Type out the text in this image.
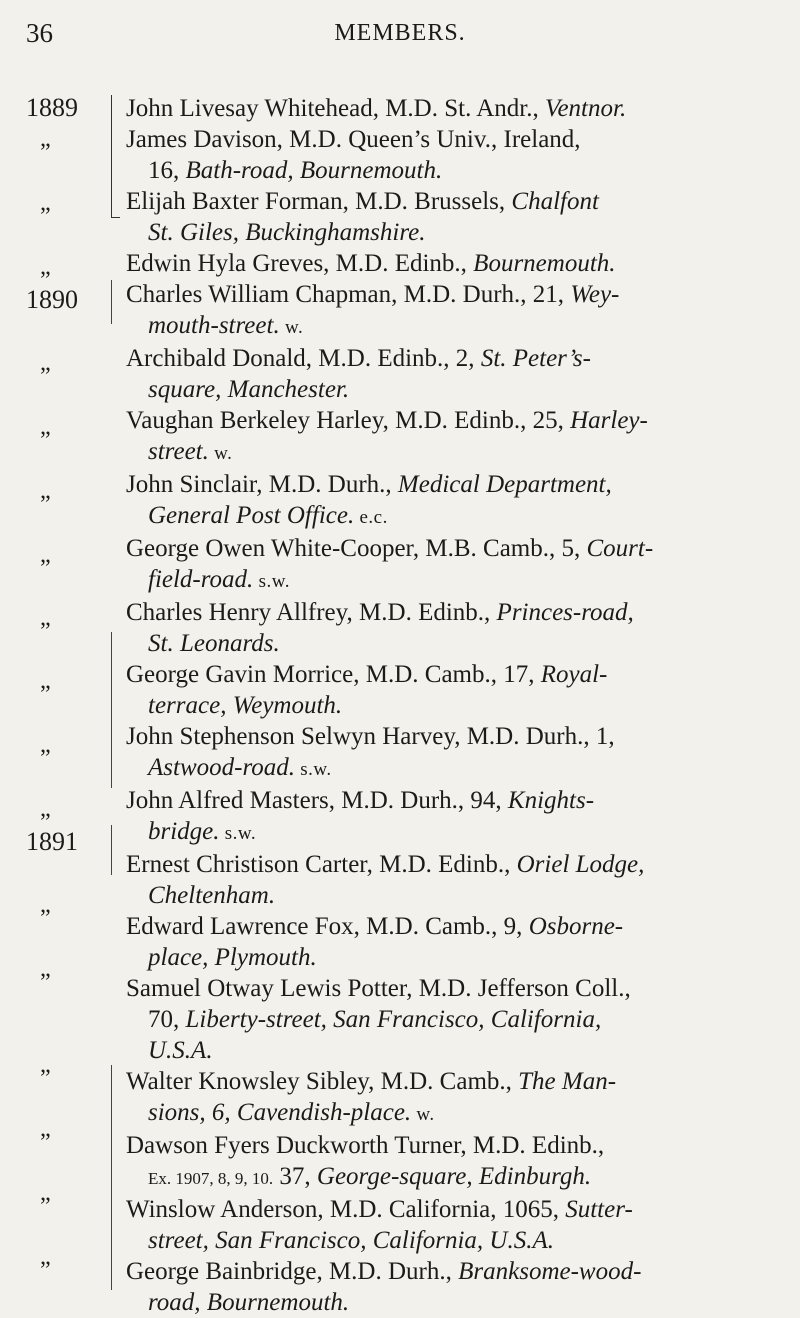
36	MEMBERS.
1889
„
„
„
1890
„
„
„
„
„
„
„
„
1891
„
„
„
„
„
„
John Livesay Whitehead, M.D. St. Andr., Ventnor.
James Davison, M.D. Queen’s Univ., Ireland,
16, Bath-road, Bournemouth.
Elijah Baxter Forman, M.D. Brussels, Chalfont
St. Giles, Buckinghamshire.
Edwin Hyla Greves, M.D. Edinb., Bournemouth.
Charles William Chapman, M.D. Durh., 21, Wey-
mouth-street. w.
Archibald Donald, M.D. Edinb., 2, St. Peter’s-
square, Manchester.
Vaughan Berkeley Harley, M.D. Edinb., 25, Harley-
street. w.
John Sinclair, M.D. Durh., Medical Department,
General Post Office. e.c.
George Owen White-Cooper, M.B. Camb., 5, Court-
field-road. s.w.
Charles Henry Allfrey, M.D. Edinb., Princes-road,
St. Leonards.
George Gavin Morrice, M.D. Camb., 17, Royal-
terrace, Weymouth.
John Stephenson Selwyn Harvey, M.D. Durh., 1,
Astwood-road. s.w.
John Alfred Masters, M.D. Durh., 94, Knights-
bridge. s.w.
Ernest Christison Carter, M.D. Edinb., Oriel Lodge,
Cheltenham.
Edward Lawrence Fox, M.D. Camb., 9, Osborne-
place, Plymouth.
Samuel Otway Lewis Potter, M.D. Jefferson Coll.,
70, Liberty-street, San Francisco, California,
U.S.A.
Walter Knowsley Sibley, M.D. Camb., The Man-
sions, 6, Cavendish-place. w.
Dawson Fyers Duckworth Turner, M.D. Edinb.,
Ex. 1907, 8, 9, 10. 37, George-square, Edinburgh.
Winslow Anderson, M.D. California, 1065, Sutter-
street, San Francisco, California, U.S.A.
George Bainbridge, M.D. Durh., Branksome-wood-
road, Bournemouth.
